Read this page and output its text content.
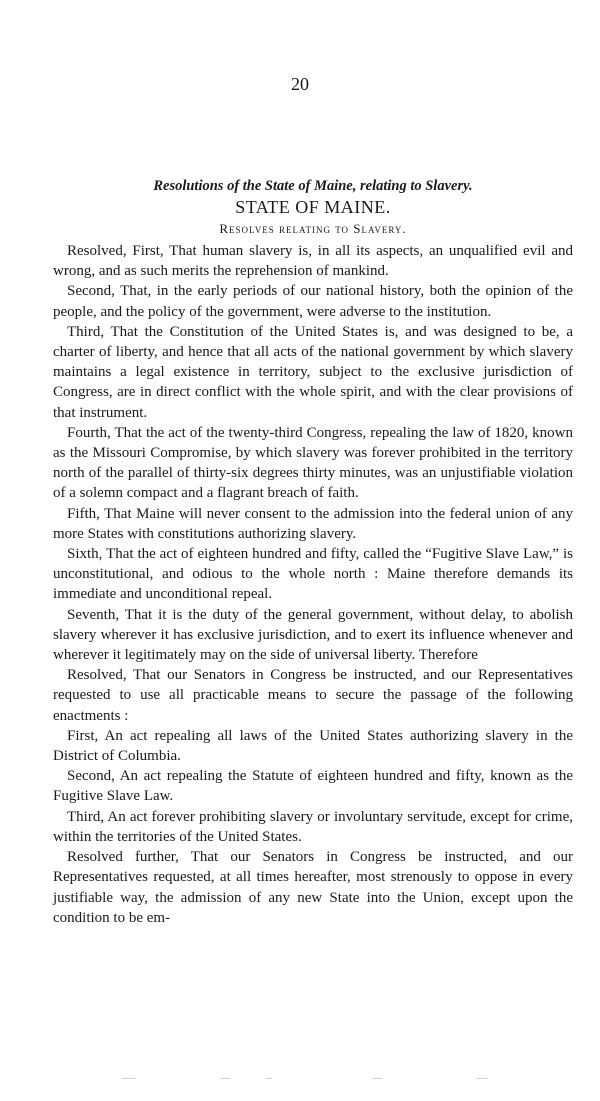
20

Resolutions of the State of Maine, relating to Slavery.

STATE OF MAINE.

Resolves relating to Slavery.

Resolved, First, That human slavery is, in all its aspects, an unqualified evil and wrong, and as such merits the reprehension of mankind.

Second, That, in the early periods of our national history, both the opinion of the people, and the policy of the government, were adverse to the institution.

Third, That the Constitution of the United States is, and was designed to be, a charter of liberty, and hence that all acts of the national government by which slavery maintains a legal existence in territory, subject to the exclusive jurisdiction of Congress, are in direct conflict with the whole spirit, and with the clear provisions of that instrument.

Fourth, That the act of the twenty-third Congress, repealing the law of 1820, known as the Missouri Compromise, by which slavery was forever prohibited in the territory north of the parallel of thirty-six degrees thirty minutes, was an unjustifiable violation of a solemn compact and a flagrant breach of faith.

Fifth, That Maine will never consent to the admission into the federal union of any more States with constitutions authorizing slavery.

Sixth, That the act of eighteen hundred and fifty, called the “Fugitive Slave Law,” is unconstitutional, and odious to the whole north : Maine therefore demands its immediate and unconditional repeal.

Seventh, That it is the duty of the general government, without delay, to abolish slavery wherever it has exclusive jurisdiction, and to exert its influence whenever and wherever it legitimately may on the side of universal liberty. Therefore

Resolved, That our Senators in Congress be instructed, and our Representatives requested to use all practicable means to secure the passage of the following enactments :

First, An act repealing all laws of the United States authorizing slavery in the District of Columbia.

Second, An act repealing the Statute of eighteen hundred and fifty, known as the Fugitive Slave Law.

Third, An act forever prohibiting slavery or involuntary servitude, except for crime, within the territories of the United States.

Resolved further, That our Senators in Congress be instructed, and our Representatives requested, at all times hereafter, most strenously to oppose in every justifiable way, the admission of any new State into the Union, except upon the condition to be em-
